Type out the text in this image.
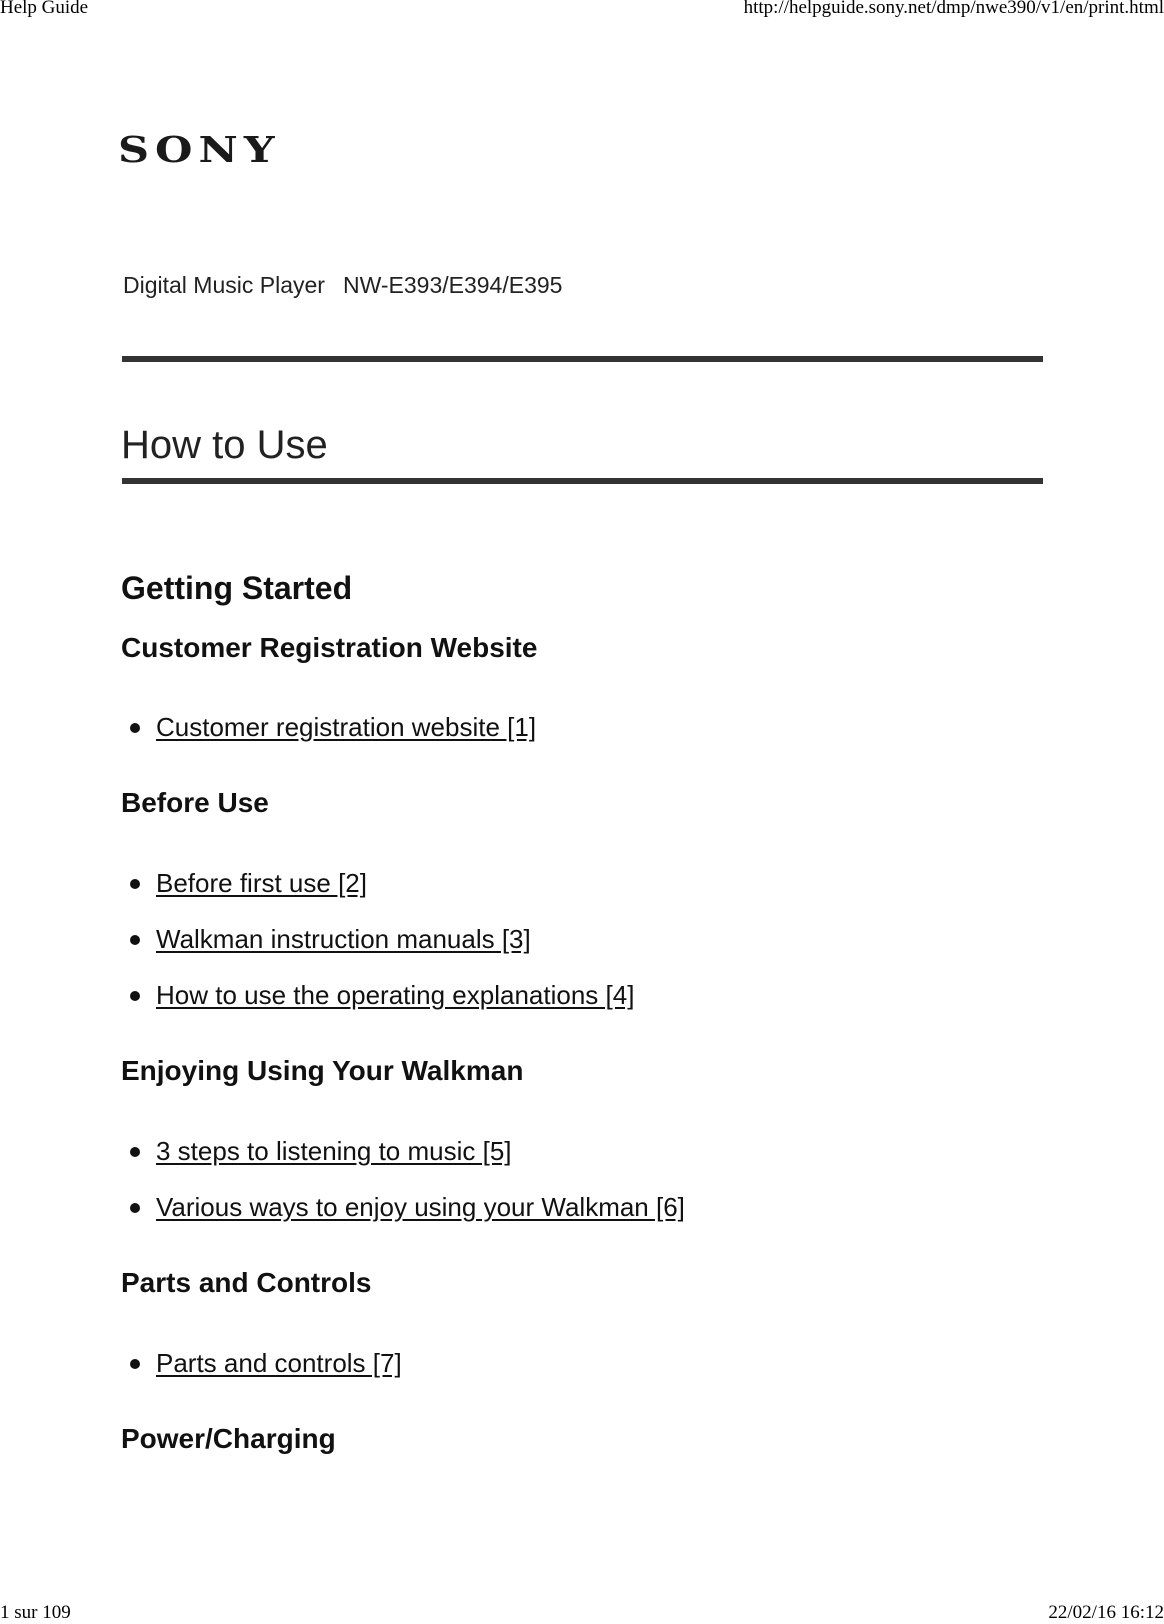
Help Guide	http://helpguide.sony.net/dmp/nwe390/v1/en/print.html
SONY
Digital Music Player NW-E393/E394/E395
How to Use
Getting Started
Customer Registration Website
Customer registration website [1]
Before Use
Before first use [2]
Walkman instruction manuals [3]
How to use the operating explanations [4]
Enjoying Using Your Walkman
3 steps to listening to music [5]
Various ways to enjoy using your Walkman [6]
Parts and Controls
Parts and controls [7]
Power/Charging
1 sur 109	22/02/16 16:12
